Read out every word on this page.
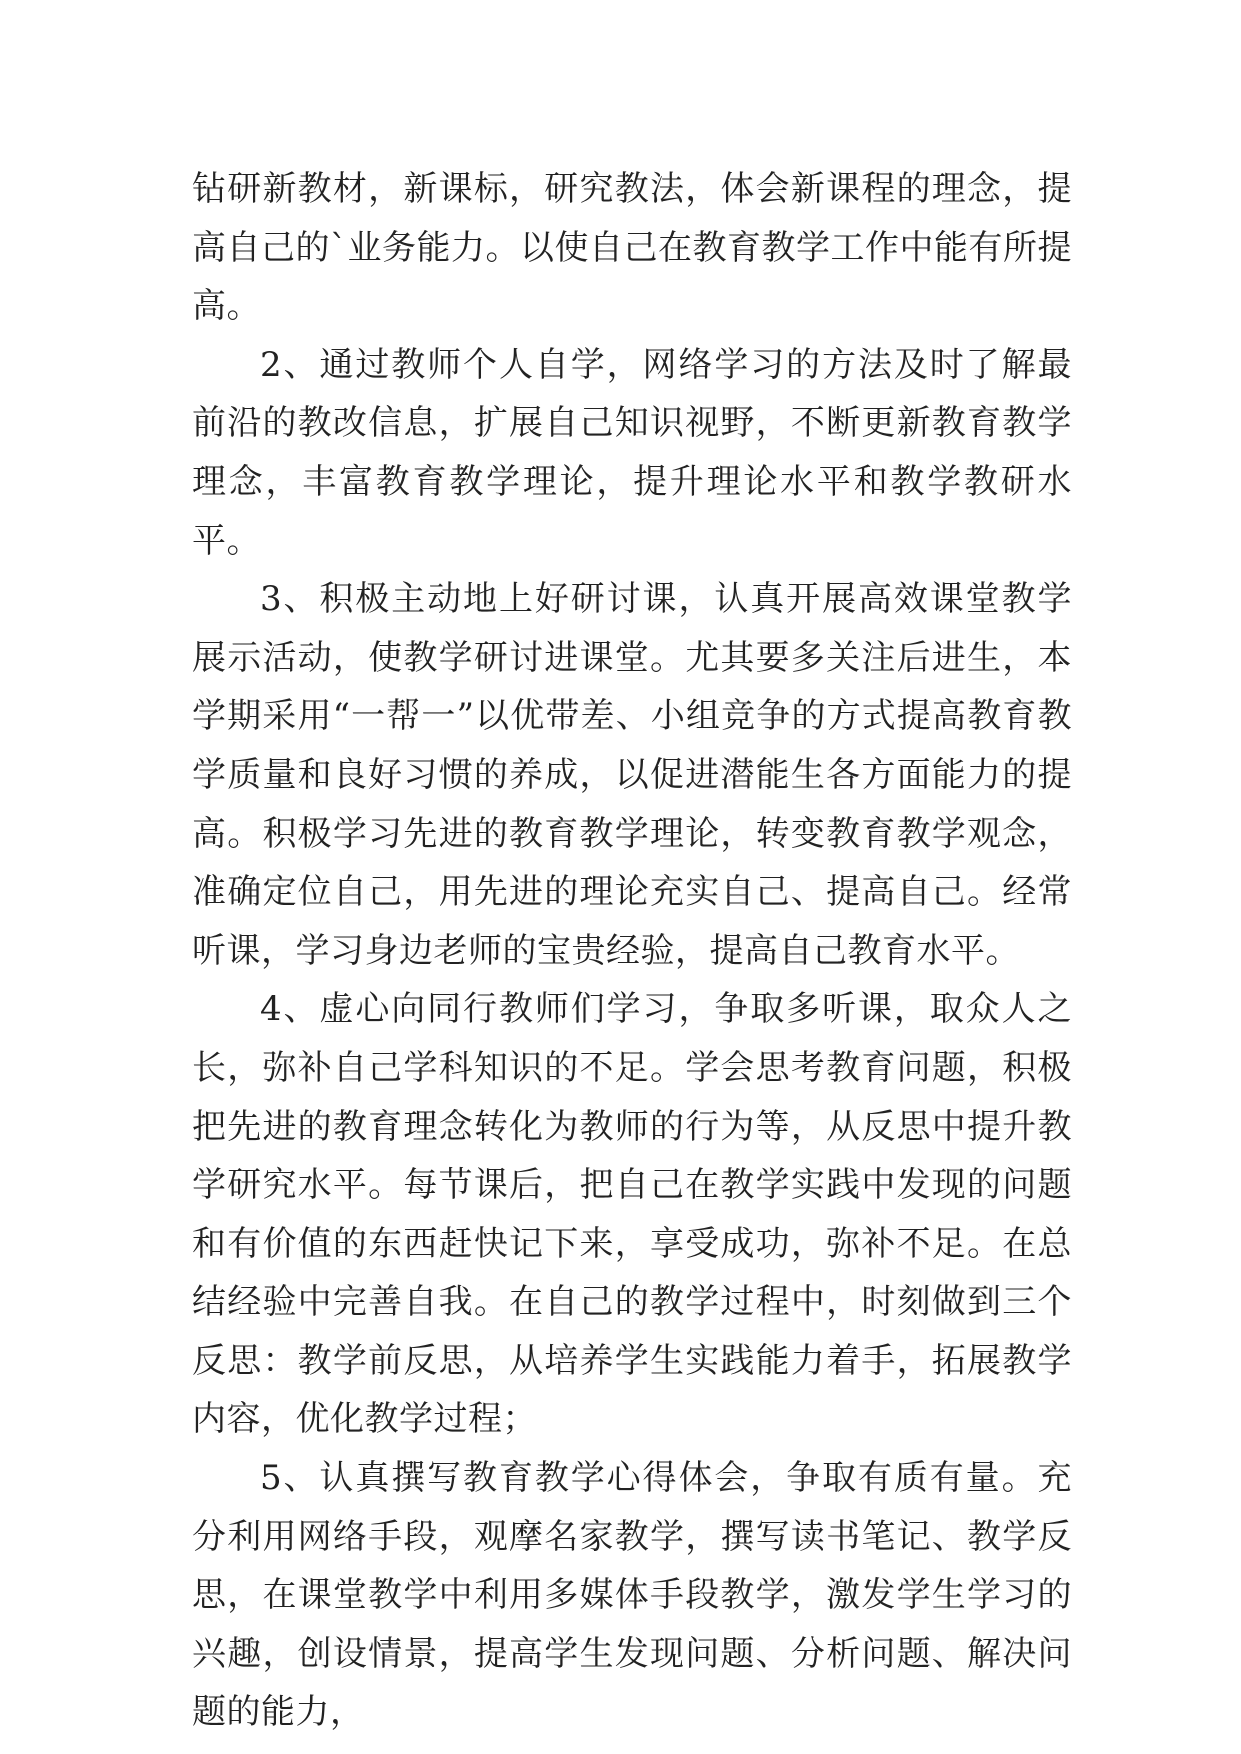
钻研新教材，新课标，研究教法，体会新课程的理念，提高自己的`业务能力。以使自己在教育教学工作中能有所提高。

2、通过教师个人自学，网络学习的方法及时了解最前沿的教改信息，扩展自己知识视野，不断更新教育教学理念，丰富教育教学理论，提升理论水平和教学教研水平。

3、积极主动地上好研讨课，认真开展高效课堂教学展示活动，使教学研讨进课堂。尤其要多关注后进生，本学期采用“一帮一”以优带差、小组竞争的方式提高教育教学质量和良好习惯的养成，以促进潜能生各方面能力的提高。积极学习先进的教育教学理论，转变教育教学观念，准确定位自己，用先进的理论充实自己、提高自己。经常听课，学习身边老师的宝贵经验，提高自己教育水平。

4、虚心向同行教师们学习，争取多听课，取众人之长，弥补自己学科知识的不足。学会思考教育问题，积极把先进的教育理念转化为教师的行为等，从反思中提升教学研究水平。每节课后，把自己在教学实践中发现的问题和有价值的东西赶快记下来，享受成功，弥补不足。在总结经验中完善自我。在自己的教学过程中，时刻做到三个反思：教学前反思，从培养学生实践能力着手，拓展教学内容，优化教学过程；

5、认真撰写教育教学心得体会，争取有质有量。充分利用网络手段，观摩名家教学，撰写读书笔记、教学反思，在课堂教学中利用多媒体手段教学，激发学生学习的兴趣，创设情景，提高学生发现问题、分析问题、解决问题的能力，
